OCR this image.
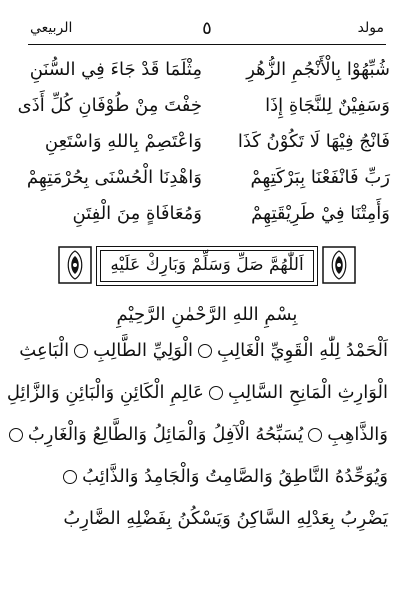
مولد
٥
الربيعي
شُبِّهُوْا بِالْأَنْجُمِ الزُّهُرِ
مِثْلَمَا قَدْ جَاءَ فِي السُّنَنِ
وَسَفِيْنٌ لِلنَّجَاةِ إِذَا
خِفْتَ مِنْ طُوْفَانِ كُلِّ أَذَى
فَانْجُ فِيْهَا لَا تَكُوْنُ كَذَا
وَاعْتَصِمْ بِاللهِ وَاسْتَعِنِ
رَبِّ فَانْفَعْنَا بِبَرْكَتِهِمْ
وَاهْدِنَا الْحُسْنَى بِحُرْمَتِهِمْ
وَأَمِتْنَا فِيْ طَرِيْقَتِهِمْ
وَمُعَافَاةٍ مِنَ الْفِتَنِ
اَللّٰهُمَّ صَلِّ وَسَلِّمْ وَبَارِكْ عَلَيْهِ
بِسْمِ اللهِ الرَّحْمٰنِ الرَّحِيْمِ
اَلْحَمْدُ لِلّٰهِ الْقَوِيِّ الْغَالِبِالْوَلِيِّ الطَّالِبِالْبَاعِثِ
الْوَارِثِ الْمَانِحِ السَّالِبِعَالِمِ الْكَائِنِ وَالْبَائِنِ وَالزَّائِلِ
وَالذَّاهِبِيُسَبِّحُهُ الْآفِلُ وَالْمَائِلُ وَالطَّالِعُ وَالْغَارِبُ
وَيُوَحِّدُهُ النَّاطِقُ وَالصَّامِتُ وَالْجَامِدُ وَالذَّائِبُ
يَضْرِبُ بِعَدْلِهِ السَّاكِنُ وَيَسْكُنُ بِفَضْلِهِ الضَّارِبُ
